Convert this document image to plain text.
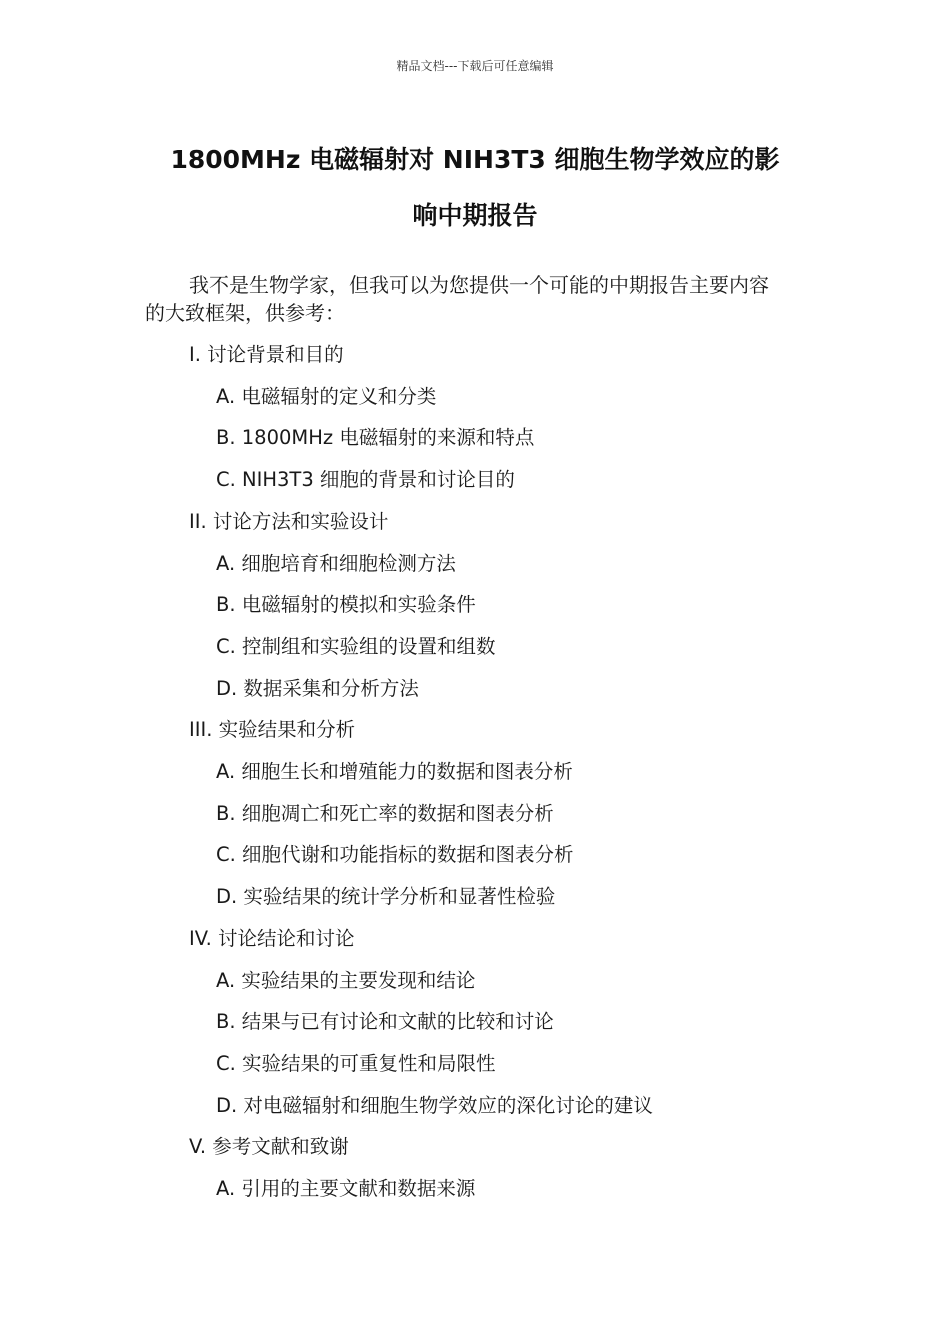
精品文档---下载后可任意编辑
1800MHz 电磁辐射对 NIH3T3 细胞生物学效应的影
响中期报告
我不是生物学家，但我可以为您提供一个可能的中期报告主要内容
的大致框架，供参考：
I. 讨论背景和目的
A. 电磁辐射的定义和分类
B. 1800MHz 电磁辐射的来源和特点
C. NIH3T3 细胞的背景和讨论目的
II. 讨论方法和实验设计
A. 细胞培育和细胞检测方法
B. 电磁辐射的模拟和实验条件
C. 控制组和实验组的设置和组数
D. 数据采集和分析方法
III. 实验结果和分析
A. 细胞生长和增殖能力的数据和图表分析
B. 细胞凋亡和死亡率的数据和图表分析
C. 细胞代谢和功能指标的数据和图表分析
D. 实验结果的统计学分析和显著性检验
IV. 讨论结论和讨论
A. 实验结果的主要发现和结论
B. 结果与已有讨论和文献的比较和讨论
C. 实验结果的可重复性和局限性
D. 对电磁辐射和细胞生物学效应的深化讨论的建议
V. 参考文献和致谢
A. 引用的主要文献和数据来源
